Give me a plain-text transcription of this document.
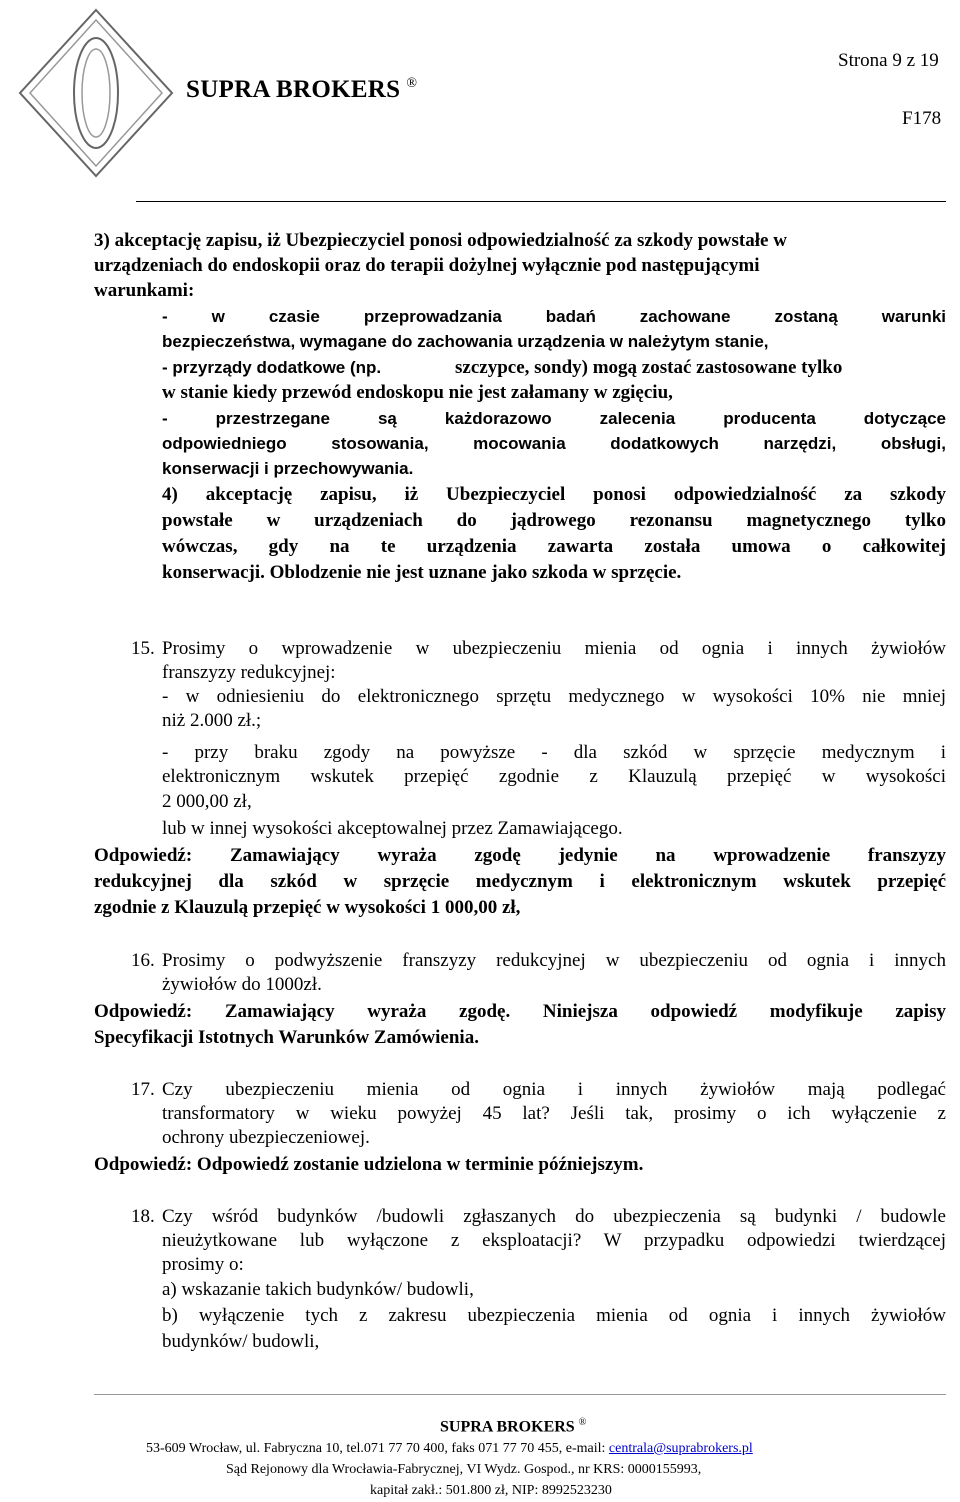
Strona 9 z 19
SUPRA BROKERS ®
F178
3) akceptację zapisu, iż Ubezpieczyciel ponosi odpowiedzialność za szkody powstałe w
urządzeniach do endoskopii oraz do terapii dożylnej wyłącznie pod następującymi
warunkami:
- w czasie przeprowadzania badań zachowane zostaną warunki
bezpieczeństwa, wymagane do zachowania urządzenia w należytym stanie,
- przyrządy dodatkowe (np.	szczypce, sondy) mogą zostać zastosowane tylko
w stanie kiedy przewód endoskopu nie jest załamany w zgięciu,
- przestrzegane są każdorazowo zalecenia producenta dotyczące
odpowiedniego stosowania, mocowania dodatkowych narzędzi, obsługi,
konserwacji i przechowywania.
4) akceptację zapisu, iż Ubezpieczyciel ponosi odpowiedzialność za szkody
powstałe w urządzeniach do jądrowego rezonansu magnetycznego tylko
wówczas, gdy na te urządzenia zawarta została umowa o całkowitej
konserwacji. Oblodzenie nie jest uznane jako szkoda w sprzęcie.
15. Prosimy o wprowadzenie w ubezpieczeniu mienia od ognia i innych żywiołów
franszyzy redukcyjnej:
- w odniesieniu do elektronicznego sprzętu medycznego w wysokości 10% nie mniej
niż 2.000 zł.;
- przy braku zgody na powyższe - dla szkód w sprzęcie medycznym i
elektronicznym wskutek przepięć zgodnie z Klauzulą przepięć w wysokości
2 000,00 zł,
lub w innej wysokości akceptowalnej przez Zamawiającego.
Odpowiedź: Zamawiający wyraża zgodę jedynie na wprowadzenie franszyzy
redukcyjnej dla szkód w sprzęcie medycznym i elektronicznym wskutek przepięć
zgodnie z Klauzulą przepięć w wysokości 1 000,00 zł,
16. Prosimy o podwyższenie franszyzy redukcyjnej w ubezpieczeniu od ognia i innych
żywiołów do 1000zł.
Odpowiedź: Zamawiający wyraża zgodę. Niniejsza odpowiedź modyfikuje zapisy
Specyfikacji Istotnych Warunków Zamówienia.
17. Czy ubezpieczeniu mienia od ognia i innych żywiołów mają podlegać
transformatory w wieku powyżej 45 lat? Jeśli tak, prosimy o ich wyłączenie z
ochrony ubezpieczeniowej.
Odpowiedź: Odpowiedź zostanie udzielona w terminie późniejszym.
18. Czy wśród budynków /budowli zgłaszanych do ubezpieczenia są budynki / budowle
nieużytkowane lub wyłączone z eksploatacji? W przypadku odpowiedzi twierdzącej
prosimy o:
a) wskazanie takich budynków/ budowli,
b) wyłączenie tych z zakresu ubezpieczenia mienia od ognia i innych żywiołów
budynków/ budowli,
SUPRA BROKERS ®
53-609 Wrocław, ul. Fabryczna 10, tel.071 77 70 400, faks 071 77 70 455, e-mail: centrala@suprabrokers.pl
Sąd Rejonowy dla Wrocławia-Fabrycznej, VI Wydz. Gospod., nr KRS: 0000155993,
kapitał zakł.: 501.800 zł, NIP: 8992523230
